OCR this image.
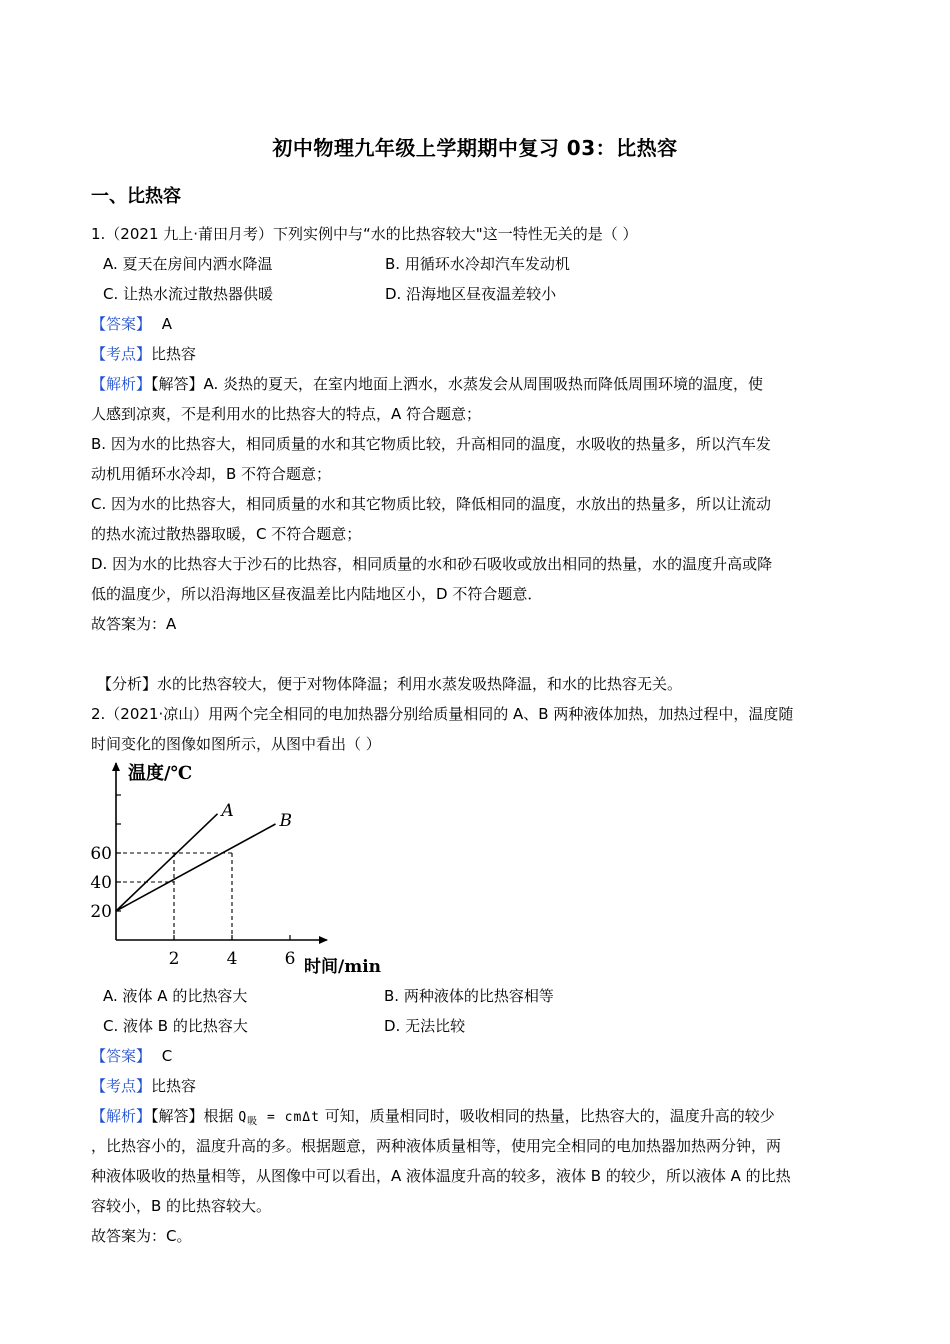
初中物理九年级上学期期中复习 03：比热容
一、比热容
1.（2021 九上·莆田月考）下列实例中与“水的比热容较大"这一特性无关的是（ ）
A. 夏天在房间内洒水降温	B. 用循环水冷却汽车发动机
C. 让热水流过散热器供暖	D. 沿海地区昼夜温差较小
【答案】 A
【考点】比热容
【解析】【解答】A. 炎热的夏天，在室内地面上洒水，水蒸发会从周围吸热而降低周围环境的温度，使
人感到凉爽，不是利用水的比热容大的特点，A 符合题意；
B. 因为水的比热容大，相同质量的水和其它物质比较，升高相同的温度，水吸收的热量多，所以汽车发
动机用循环水冷却，B 不符合题意；
C. 因为水的比热容大，相同质量的水和其它物质比较，降低相同的温度，水放出的热量多，所以让流动
的热水流过散热器取暖，C 不符合题意；
D. 因为水的比热容大于沙石的比热容，相同质量的水和砂石吸收或放出相同的热量，水的温度升高或降
低的温度少，所以沿海地区昼夜温差比内陆地区小，D 不符合题意．
故答案为：A
【分析】水的比热容较大，便于对物体降温；利用水蒸发吸热降温，和水的比热容无关。
2.（2021·凉山）用两个完全相同的电加热器分别给质量相同的 A、B 两种液体加热，加热过程中，温度随
时间变化的图像如图所示，从图中看出（ ）
20
40
60
2	4	6
温度/℃
时间/min
A
B
A. 液体 A 的比热容大	B. 两种液体的比热容相等
C. 液体 B 的比热容大	D. 无法比较
【答案】 C
【考点】比热容
【解析】【解答】根据 $Q_吸 = cm\Delta t$ 可知，质量相同时，吸收相同的热量，比热容大的，温度升高的较少
，比热容小的，温度升高的多。根据题意，两种液体质量相等，使用完全相同的电加热器加热两分钟，两
种液体吸收的热量相等，从图像中可以看出，A 液体温度升高的较多，液体 B 的较少，所以液体 A 的比热
容较小，B 的比热容较大。
故答案为：C。
